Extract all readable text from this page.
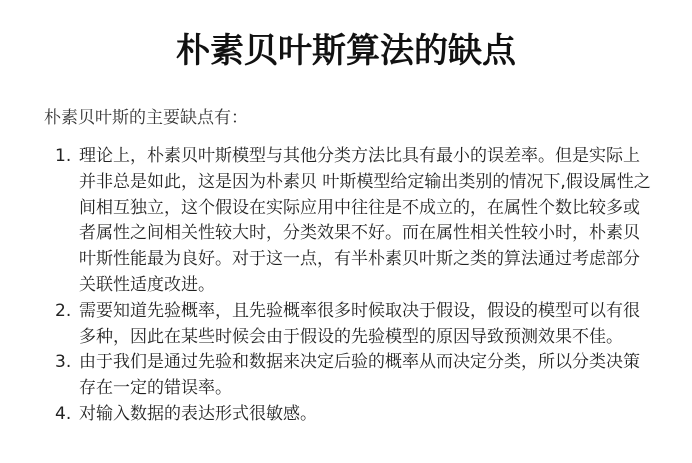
朴素贝叶斯算法的缺点

朴素贝叶斯的主要缺点有：

1. 理论上，朴素贝叶斯模型与其他分类方法比具有最小的误差率。但是实际上并非总是如此，这是因为朴素贝 叶斯模型给定输出类别的情况下,假设属性之间相互独立，这个假设在实际应用中往往是不成立的，在属性个数比较多或者属性之间相关性较大时，分类效果不好。而在属性相关性较小时，朴素贝叶斯性能最为良好。对于这一点，有半朴素贝叶斯之类的算法通过考虑部分关联性适度改进。
2. 需要知道先验概率，且先验概率很多时候取决于假设，假设的模型可以有很多种，因此在某些时候会由于假设的先验模型的原因导致预测效果不佳。
3. 由于我们是通过先验和数据来决定后验的概率从而决定分类，所以分类决策存在一定的错误率。
4. 对输入数据的表达形式很敏感。
